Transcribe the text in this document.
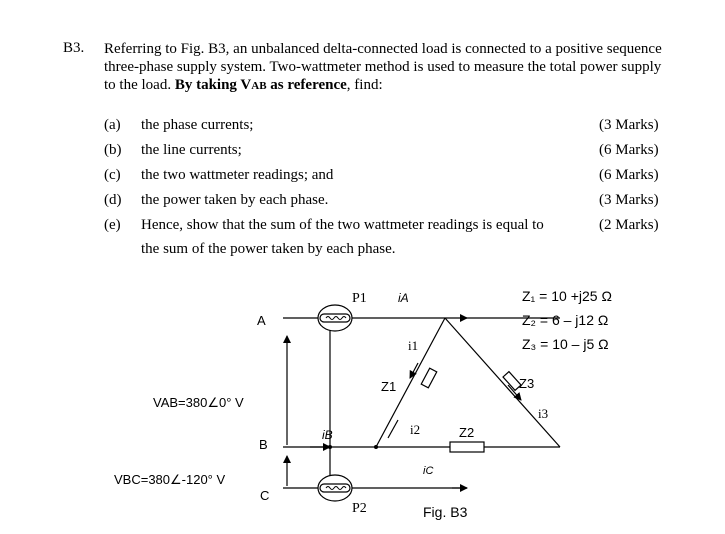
B3. Referring to Fig. B3, an unbalanced delta-connected load is connected to a positive sequence three-phase supply system. Two-wattmeter method is used to measure the total power supply to the load. By taking VAB as reference, find:
(a)	the phase currents;	(3 Marks)
(b)	the line currents;	(6 Marks)
(c)	the two wattmeter readings; and	(6 Marks)
(d)	the power taken by each phase.	(3 Marks)
(e)	Hence, show that the sum of the two wattmeter readings is equal to	(2 Marks)
the sum of the power taken by each phase.
A
B
C
VAB=380∠0° V
VBC=380∠-120° V
P1
P2
iA
iB
iC
i1
i2
i3
Z1
Z2
Z3
Z₁ = 10 +j25 Ω
Z₂ = 6 – j12 Ω
Z₃ = 10 – j5 Ω
Fig. B3
